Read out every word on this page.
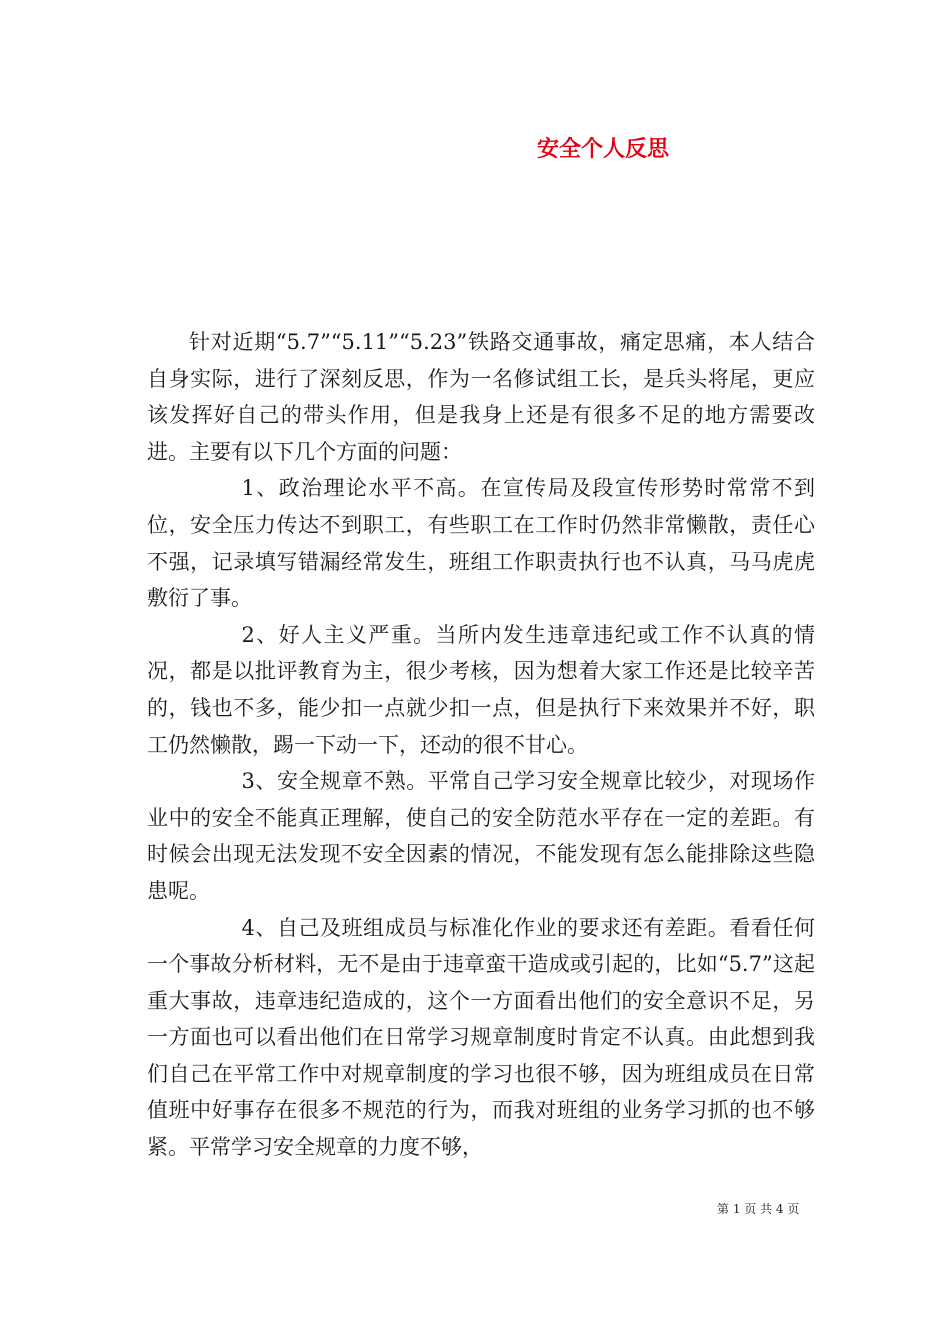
安全个人反思

针对近期“5.7”“5.11”“5.23”铁路交通事故，痛定思痛，本人结合自身实际，进行了深刻反思，作为一名修试组工长，是兵头将尾，更应该发挥好自己的带头作用，但是我身上还是有很多不足的地方需要改进。主要有以下几个方面的问题：

1、政治理论水平不高。在宣传局及段宣传形势时常常不到位，安全压力传达不到职工，有些职工在工作时仍然非常懒散，责任心不强，记录填写错漏经常发生，班组工作职责执行也不认真，马马虎虎敷衍了事。

2、好人主义严重。当所内发生违章违纪或工作不认真的情况，都是以批评教育为主，很少考核，因为想着大家工作还是比较辛苦的，钱也不多，能少扣一点就少扣一点，但是执行下来效果并不好，职工仍然懒散，踢一下动一下，还动的很不甘心。

3、安全规章不熟。平常自己学习安全规章比较少，对现场作业中的安全不能真正理解，使自己的安全防范水平存在一定的差距。有时候会出现无法发现不安全因素的情况，不能发现有怎么能排除这些隐患呢。

4、自己及班组成员与标准化作业的要求还有差距。看看任何一个事故分析材料，无不是由于违章蛮干造成或引起的，比如“5.7”这起重大事故，违章违纪造成的，这个一方面看出他们的安全意识不足，另一方面也可以看出他们在日常学习规章制度时肯定不认真。由此想到我们自己在平常工作中对规章制度的学习也很不够，因为班组成员在日常值班中好事存在很多不规范的行为，而我对班组的业务学习抓的也不够紧。平常学习安全规章的力度不够，

第 1 页 共 4 页
